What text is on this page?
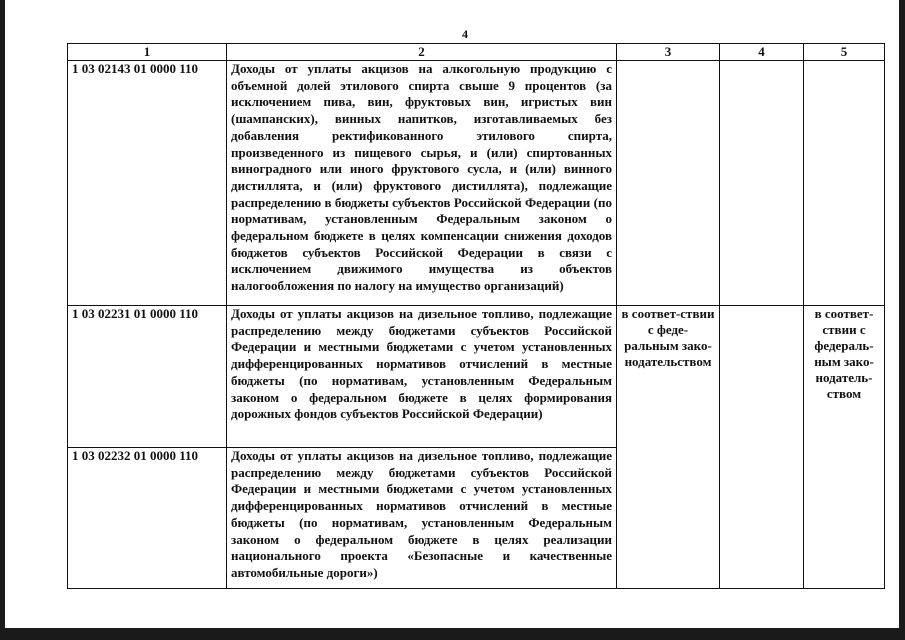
4
1	2	3	4	5
1 03 02143 01 0000 110	Доходы от уплаты акцизов на алкогольную продукцию с объемной долей этилового спирта свыше 9 процентов (за исключением пива, вин, фруктовых вин, игристых вин (шампанских), винных напитков, изготавливаемых без добавления ректификованного этилового спирта, произведенного из пищевого сырья, и (или) спиртованных виноградного или иного фруктового сусла, и (или) винного дистиллята, и (или) фруктового дистиллята), подлежащие распределению в бюджеты субъектов Российской Федерации (по нормативам, установленным Федеральным законом о федеральном бюджете в целях компенсации снижения доходов бюджетов субъектов Российской Федерации в связи с исключением движимого имущества из объектов налогообложения по налогу на имущество организаций)			
1 03 02231 01 0000 110	Доходы от уплаты акцизов на дизельное топливо, подлежащие распределению между бюджетами субъектов Российской Федерации и местными бюджетами с учетом установленных дифференцированных нормативов отчислений в местные бюджеты (по нормативам, установленным Федеральным законом о федеральном бюджете в целях формирования дорожных фондов субъектов Российской Федерации)	в соответ-ствии с феде-ральным зако-нодательством		в соответ-ствии с федераль-ным зако-нодатель-ством
1 03 02232 01 0000 110	Доходы от уплаты акцизов на дизельное топливо, подлежащие распределению между бюджетами субъектов Российской Федерации и местными бюджетами с учетом установленных дифференцированных нормативов отчислений в местные бюджеты (по нормативам, установленным Федеральным законом о федеральном бюджете в целях реализации национального проекта «Безопасные и качественные автомобильные дороги»)			
